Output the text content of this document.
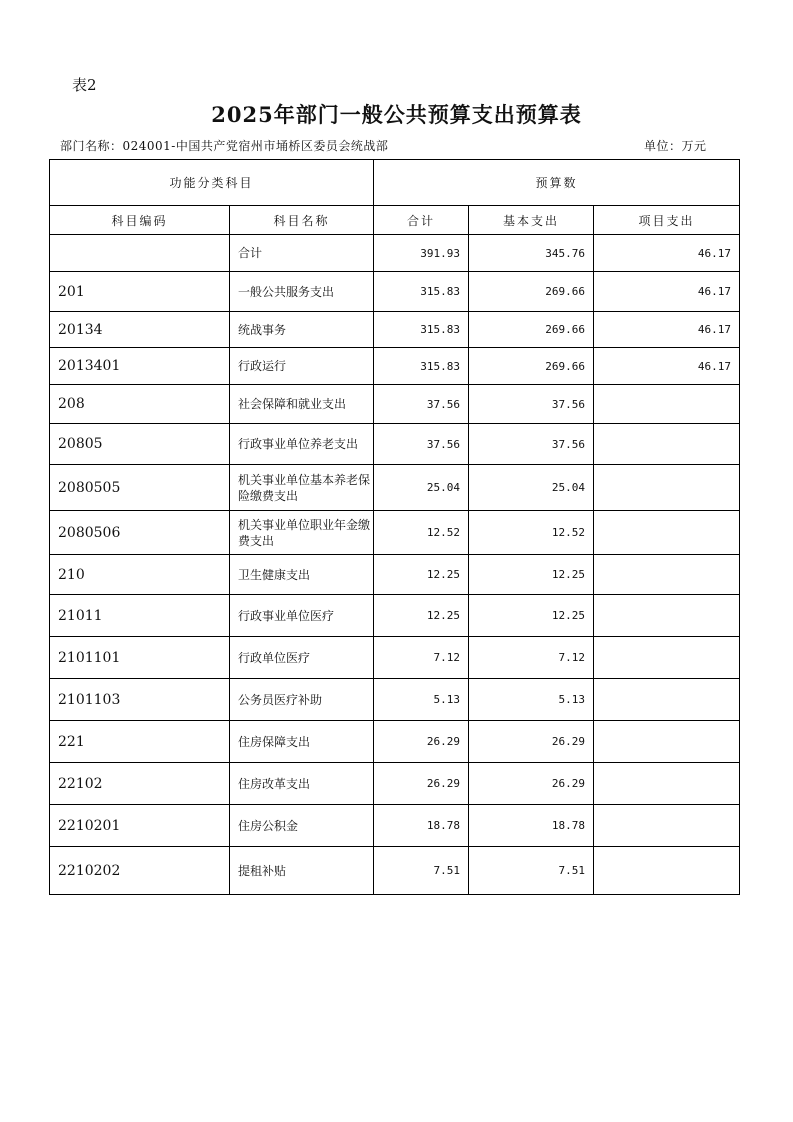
表2
2025年部门一般公共预算支出预算表
部门名称：024001-中国共产党宿州市埇桥区委员会统战部	单位：万元
功能分类科目		预算数		
科目编码	科目名称	合计	基本支出	项目支出
	合计	391.93	345.76	46.17
201	一般公共服务支出	315.83	269.66	46.17
20134	统战事务	315.83	269.66	46.17
2013401	行政运行	315.83	269.66	46.17
208	社会保障和就业支出	37.56	37.56	
20805	行政事业单位养老支出	37.56	37.56	
2080505	机关事业单位基本养老保险缴费支出	25.04	25.04	
2080506	机关事业单位职业年金缴费支出	12.52	12.52	
210	卫生健康支出	12.25	12.25	
21011	行政事业单位医疗	12.25	12.25	
2101101	行政单位医疗	7.12	7.12	
2101103	公务员医疗补助	5.13	5.13	
221	住房保障支出	26.29	26.29	
22102	住房改革支出	26.29	26.29	
2210201	住房公积金	18.78	18.78	
2210202	提租补贴	7.51	7.51	
